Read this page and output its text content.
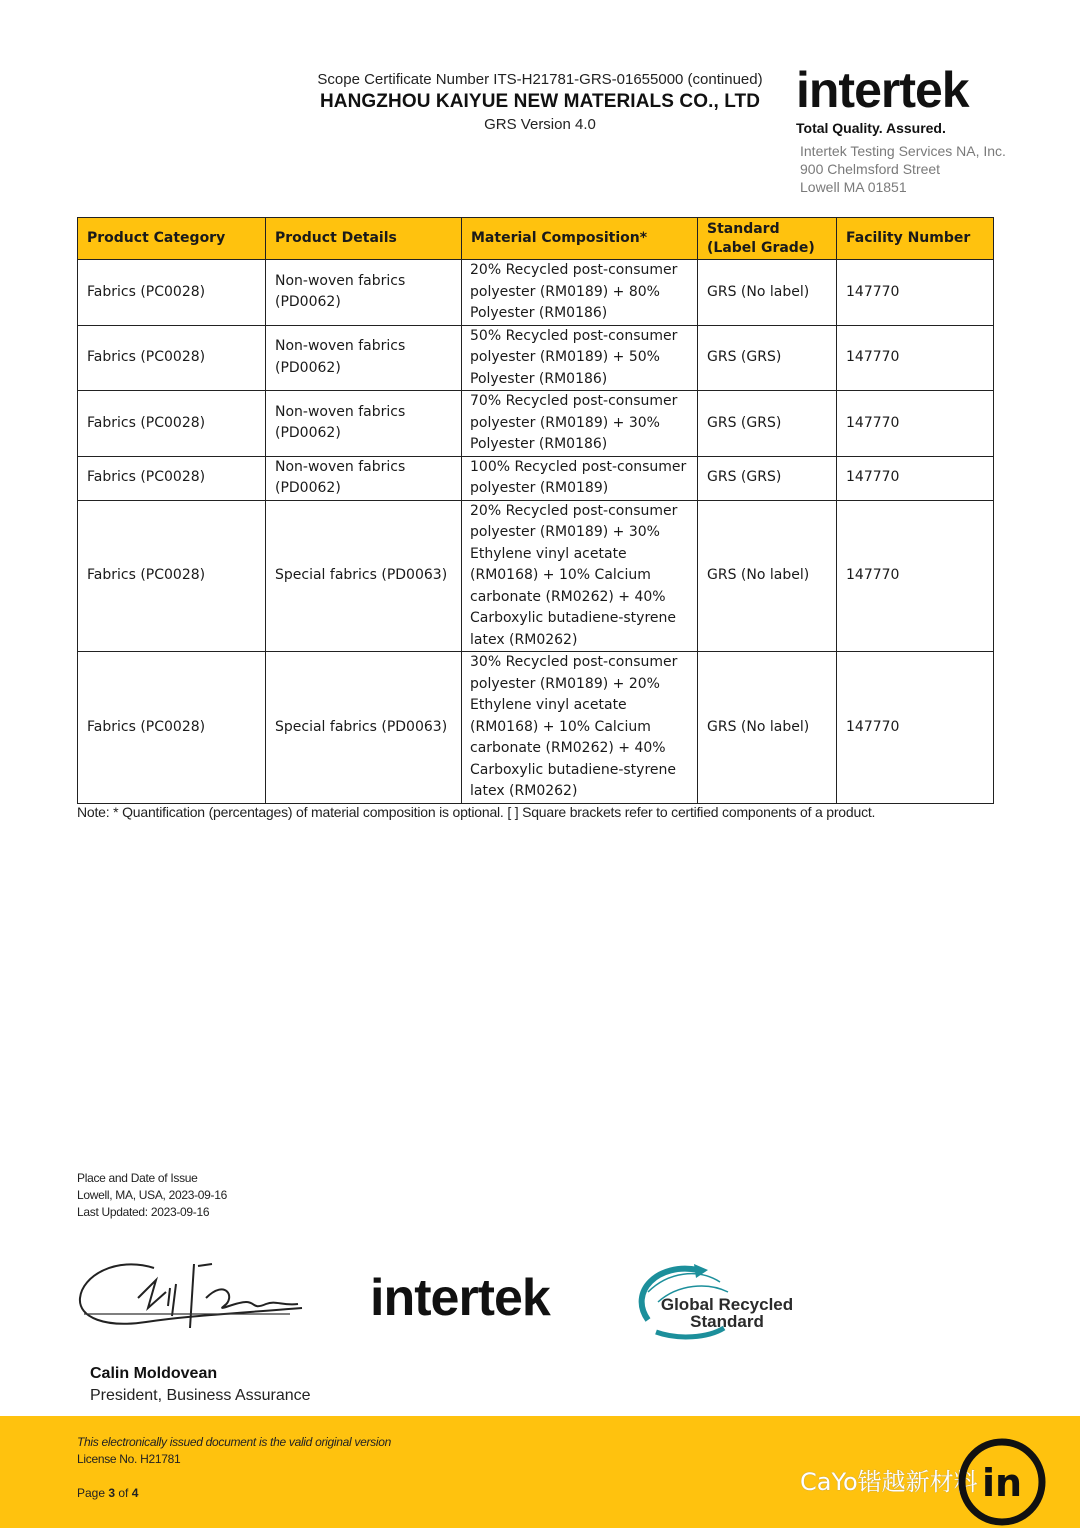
Scope Certificate Number ITS-H21781-GRS-01655000 (continued)
HANGZHOU KAIYUE NEW MATERIALS CO., LTD
GRS Version 4.0
intertek
Total Quality. Assured.
Intertek Testing Services NA, Inc.
900 Chelmsford Street
Lowell MA 01851
Product Category	Product Details	Material Composition*	Standard (Label Grade)	Facility Number
Fabrics (PC0028)	Non-woven fabrics (PD0062)	20% Recycled post-consumer polyester (RM0189) + 80% Polyester (RM0186)	GRS (No label)	147770
Fabrics (PC0028)	Non-woven fabrics (PD0062)	50% Recycled post-consumer polyester (RM0189) + 50% Polyester (RM0186)	GRS (GRS)	147770
Fabrics (PC0028)	Non-woven fabrics (PD0062)	70% Recycled post-consumer polyester (RM0189) + 30% Polyester (RM0186)	GRS (GRS)	147770
Fabrics (PC0028)	Non-woven fabrics (PD0062)	100% Recycled post-consumer polyester (RM0189)	GRS (GRS)	147770
Fabrics (PC0028)	Special fabrics (PD0063)	20% Recycled post-consumer polyester (RM0189) + 30% Ethylene vinyl acetate (RM0168) + 10% Calcium carbonate (RM0262) + 40% Carboxylic butadiene-styrene latex (RM0262)	GRS (No label)	147770
Fabrics (PC0028)	Special fabrics (PD0063)	30% Recycled post-consumer polyester (RM0189) + 20% Ethylene vinyl acetate (RM0168) + 10% Calcium carbonate (RM0262) + 40% Carboxylic butadiene-styrene latex (RM0262)	GRS (No label)	147770
Note: * Quantification (percentages) of material composition is optional. [ ] Square brackets refer to certified components of a product.
Place and Date of Issue
Lowell, MA, USA, 2023-09-16
Last Updated: 2023-09-16
intertek	Global Recycled
Standard
Calin Moldovean
President, Business Assurance
This electronically issued document is the valid original version
License No. H21781
Page 3 of 4	CaYo锴越新材料 in
